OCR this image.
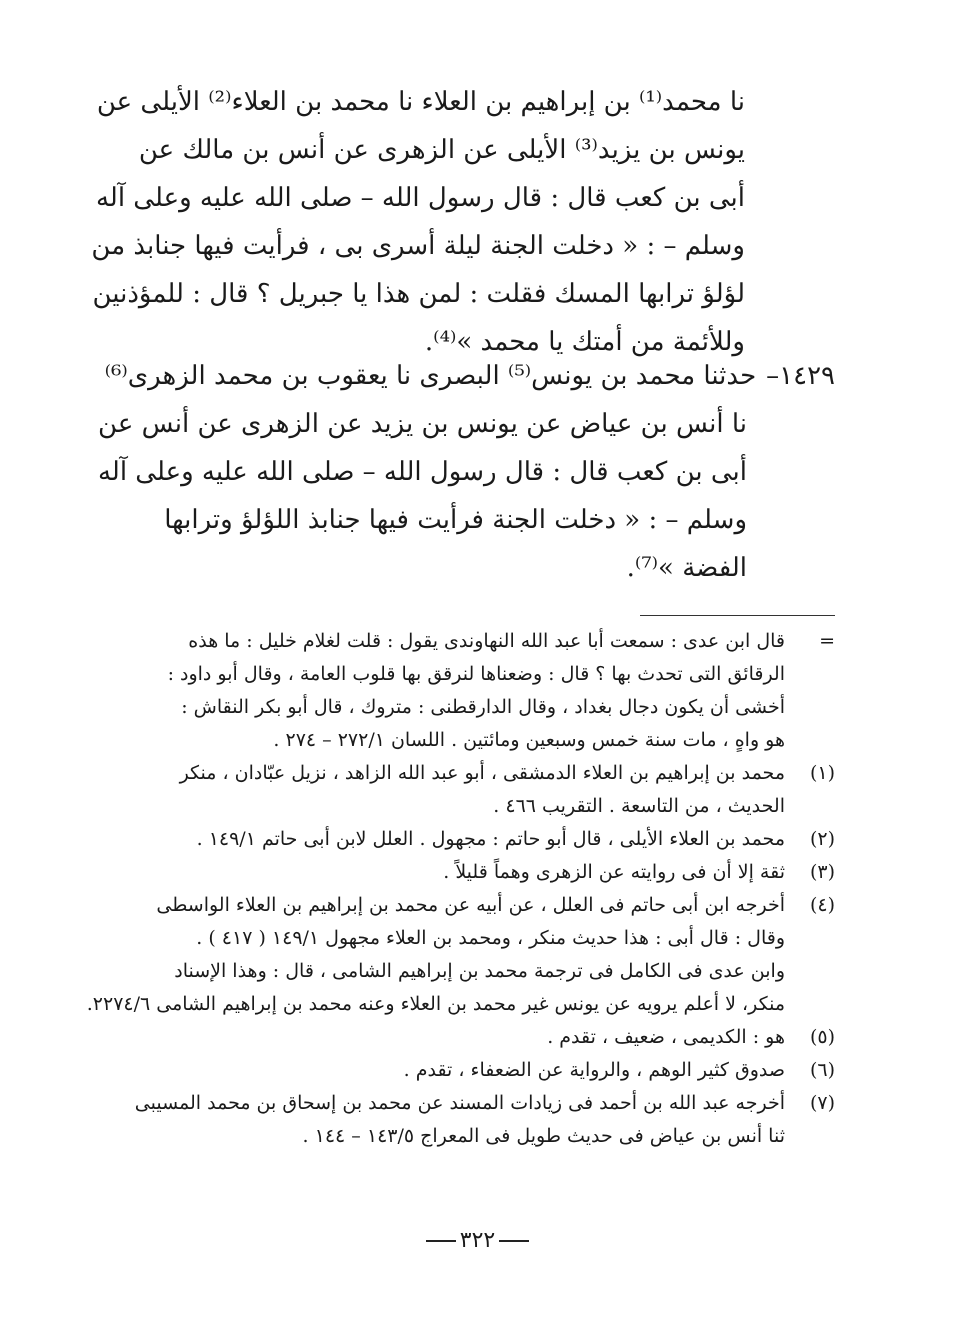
نا محمد⁽¹⁾ بن إبراهيم بن العلاء نا محمد بن العلاء⁽²⁾ الأيلى عن
يونس بن يزيد⁽³⁾ الأيلى عن الزهرى عن أنس بن مالك عن
أبى بن كعب قال : قال رسول الله – صلى الله عليه وعلى آله
وسلم – : « دخلت الجنة ليلة أسرى بى ، فرأيت فيها جنابذ من
لؤلؤ ترابها المسك فقلت : لمن هذا يا جبريل ؟ قال : للمؤذنين
وللأئمة من أمتك يا محمد »⁽⁴⁾.
١٤٢٩–حدثنا محمد بن يونس⁽⁵⁾ البصرى نا يعقوب بن محمد الزهرى⁽⁶⁾
نا أنس بن عياض عن يونس بن يزيد عن الزهرى عن أنس عن
أبى بن كعب قال : قال رسول الله – صلى الله عليه وعلى آله
وسلم – : « دخلت الجنة فرأيت فيها جنابذ اللؤلؤ وترابها
الفضة »⁽⁷⁾.
=
قال ابن عدى : سمعت أبا عبد الله النهاوندى يقول : قلت لغلام خليل : ما هذه
الرقائق التى تحدث بها ؟ قال : وضعناها لنرقق بها قلوب العامة ، وقال أبو داود :
أخشى أن يكون دجال بغداد ، وقال الدارقطنى : متروك ، قال أبو بكر النقاش :
هو واهٍ ، مات سنة خمس وسبعين ومائتين . اللسان ٢٧٢/١ – ٢٧٤ .
(١)
محمد بن إبراهيم بن العلاء الدمشقى ، أبو عبد الله الزاهد ، نزيل عبّادان ، منكر
الحديث ، من التاسعة . التقريب ٤٦٦ .
(٢)
محمد بن العلاء الأيلى ، قال أبو حاتم : مجهول . العلل لابن أبى حاتم ١٤٩/١ .
(٣)
ثقة إلا أن فى روايته عن الزهرى وهماً قليلاً .
(٤)
أخرجه ابن أبى حاتم فى العلل ، عن أبيه عن محمد بن إبراهيم بن العلاء الواسطى
وقال : قال أبى : هذا حديث منكر ، ومحمد بن العلاء مجهول ١٤٩/١ ( ٤١٧ ) .
وابن عدى فى الكامل فى ترجمة محمد بن إبراهيم الشامى ، قال : وهذا الإسناد
منكر، لا أعلم يرويه عن يونس غير محمد بن العلاء وعنه محمد بن إبراهيم الشامى ٢٢٧٤/٦.
(٥)
هو : الكديمى ، ضعيف ، تقدم .
(٦)
صدوق كثير الوهم ، والرواية عن الضعفاء ، تقدم .
(٧)
أخرجه عبد الله بن أحمد فى زيادات المسند عن محمد بن إسحاق بن محمد المسيبى
ثنا أنس بن عياض فى حديث طويل فى المعراج ١٤٣/٥ – ١٤٤ .
٣٢٢
